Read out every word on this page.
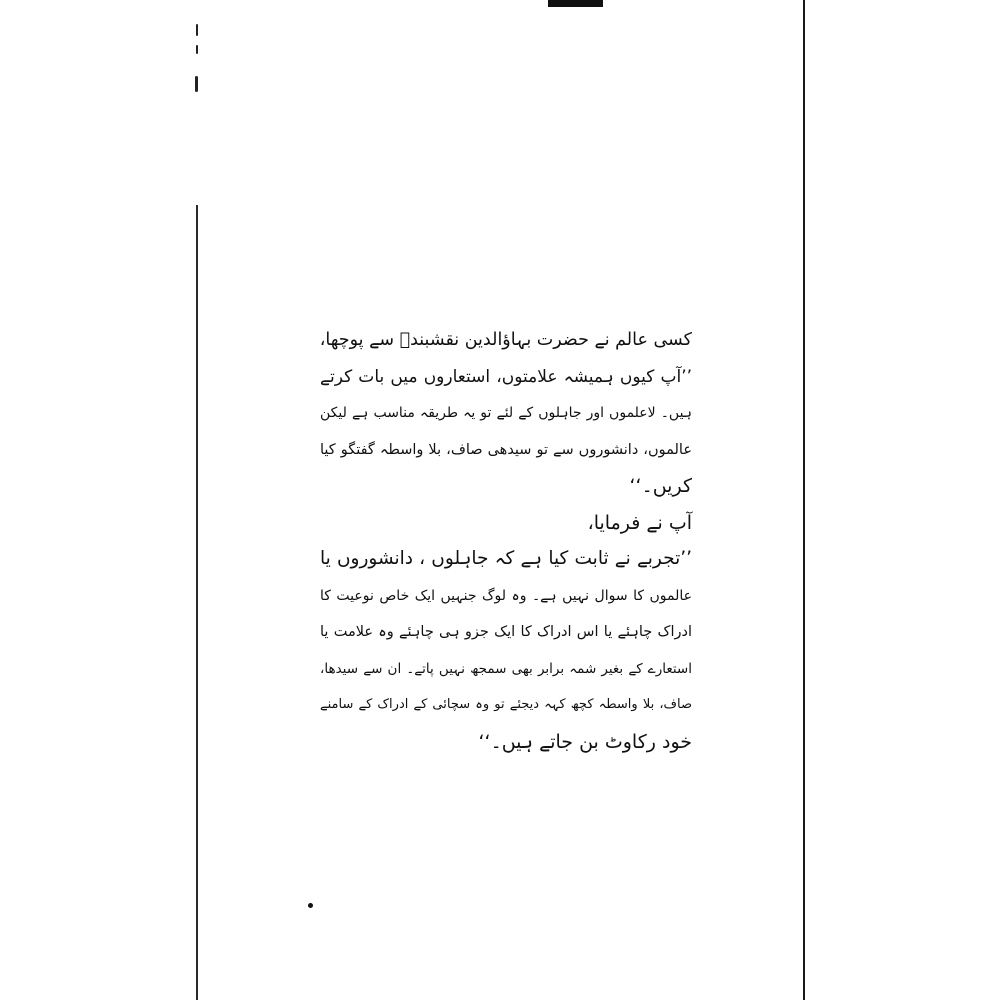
کسی عالم نے حضرت بہاؤالدین نقشبندؒ سے پوچھا،
’’آپ کیوں ہمیشہ علامتوں، استعاروں میں بات کرتے
ہیں۔ لاعلموں اور جاہلوں کے لئے تو یہ طریقہ مناسب ہے لیکن
عالموں، دانشوروں سے تو سیدھی صاف، بلا واسطہ گفتگو کیا
کریں۔‘‘
آپ نے فرمایا،
’’تجربے نے ثابت کیا ہے کہ جاہلوں ، دانشوروں یا
عالموں کا سوال نہیں ہے۔ وہ لوگ جنہیں ایک خاص نوعیت کا
ادراک چاہئے یا اس ادراک کا ایک جزو ہی چاہئے وہ علامت یا
استعارے کے بغیر شمہ برابر بھی سمجھ نہیں پاتے۔ ان سے سیدھا،
صاف، بلا واسطہ کچھ کہہ دیجئے تو وہ سچائی کے ادراک کے سامنے
خود رکاوٹ بن جاتے ہیں۔‘‘
